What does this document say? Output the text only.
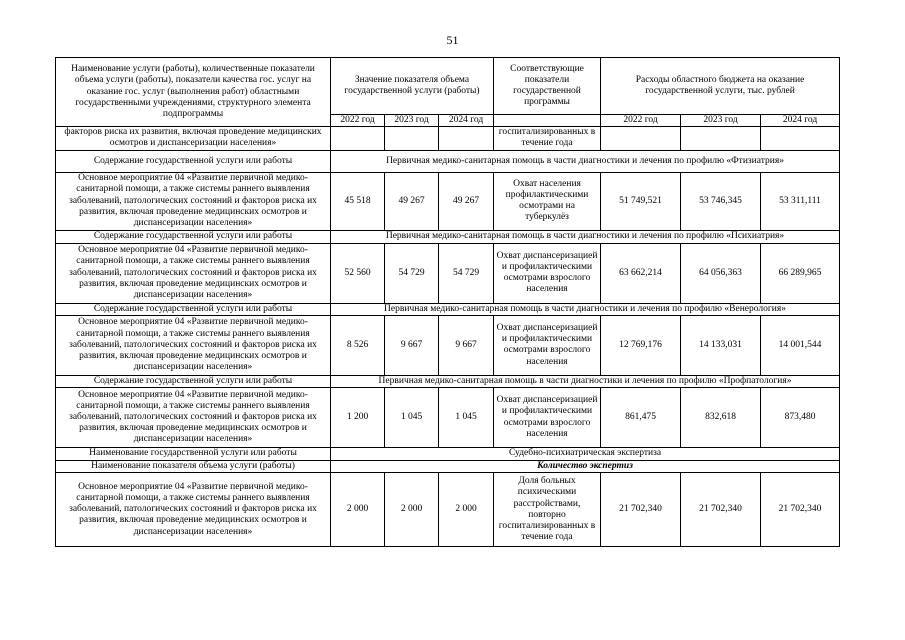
51
Наименование услуги (работы), количественные показатели объема услуги (работы), показатели качества гос. услуг на оказание гос. услуг (выполнения работ) областными государственными учреждениями, структурного элемента подпрограммы	Значение показателя объема государственной услуги (работы)			Соответствующие показатели государственной программы	Расходы областного бюджета на оказание государственной услуги, тыс. рублей		
	2022 год	2023 год	2024 год		2022 год	2023 год	2024 год
факторов риска их развития, включая проведение медицинских осмотров и диспансеризации населения»				госпитализированных в течение года			
Содержание государственной услуги или работы	Первичная медико-санитарная помощь в части диагностики и лечения по профилю «Фтизиатрия»						
Основное мероприятие 04 «Развитие первичной медико-санитарной помощи, а также системы раннего выявления заболеваний, патологических состояний и факторов риска их развития, включая проведение медицинских осмотров и диспансеризации населения»	45 518	49 267	49 267	Охват населения профилактическими осмотрами на туберкулёз	51 749,521	53 746,345	53 311,111
Содержание государственной услуги или работы	Первичная медико-санитарная помощь в части диагностики и лечения по профилю «Психиатрия»						
Основное мероприятие 04 «Развитие первичной медико-санитарной помощи, а также системы раннего выявления заболеваний, патологических состояний и факторов риска их развития, включая проведение медицинских осмотров и диспансеризации населения»	52 560	54 729	54 729	Охват диспансеризацией и профилактическими осмотрами взрослого населения	63 662,214	64 056,363	66 289,965
Содержание государственной услуги или работы	Первичная медико-санитарная помощь в части диагностики и лечения по профилю «Венерология»						
Основное мероприятие 04 «Развитие первичной медико-санитарной помощи, а также системы раннего выявления заболеваний, патологических состояний и факторов риска их развития, включая проведение медицинских осмотров и диспансеризации населения»	8 526	9 667	9 667	Охват диспансеризацией и профилактическими осмотрами взрослого населения	12 769,176	14 133,031	14 001,544
Содержание государственной услуги или работы	Первичная медико-санитарная помощь в части диагностики и лечения по профилю «Профпатология»						
Основное мероприятие 04 «Развитие первичной медико-санитарной помощи, а также системы раннего выявления заболеваний, патологических состояний и факторов риска их развития, включая проведение медицинских осмотров и диспансеризации населения»	1 200	1 045	1 045	Охват диспансеризацией и профилактическими осмотрами взрослого населения	861,475	832,618	873,480
Наименование государственной услуги или работы	Судебно-психиатрическая экспертиза						
Наименование показателя объема услуги (работы)	Количество экспертиз						
Основное мероприятие 04 «Развитие первичной медико-санитарной помощи, а также системы раннего выявления заболеваний, патологических состояний и факторов риска их развития, включая проведение медицинских осмотров и диспансеризации населения»	2 000	2 000	2 000	Доля больных психическими расстройствами, повторно госпитализированных в течение года	21 702,340	21 702,340	21 702,340
